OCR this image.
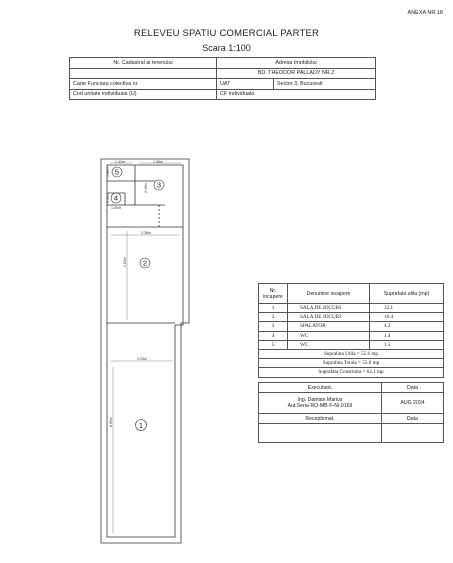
ANEXA NR.18
RELEVEU SPATIU COMERCIAL PARTER
Scara 1:100
Nr. Cadastral al terenului	Adresa Imobilului	
	BD. THEODOR PALLADY NR.2	
Carte Funciara colectiva nr.	UAT	Sector 3, Bucuresti
Cod unitate individuala (U)	CF individuala	
1.42m	1.98m
1.00m
2.15m
0.95m
1.50m
3.38m
4.83m
3.25m
6.99m
5
4
3
2
1
Nr. incapere	Denumire incapere	Suprafata utila (mp)
1	SALA DE JOCURI	32.1
2	SALA DE JOCURI	16.4
3	SPALATOR	4.2
4	WC	1.4
5	WC	1.5
Suprafata Utila = 55.6 mp		
Suprafata Totala = 55.6 mp		
Suprafata Construita = 62.1 mp		
Executant,	Data

Ing. Damian Marius
Aut.Seria RO-MB-F-Nr.0169	AUG 2024
Receptionat,	Data
